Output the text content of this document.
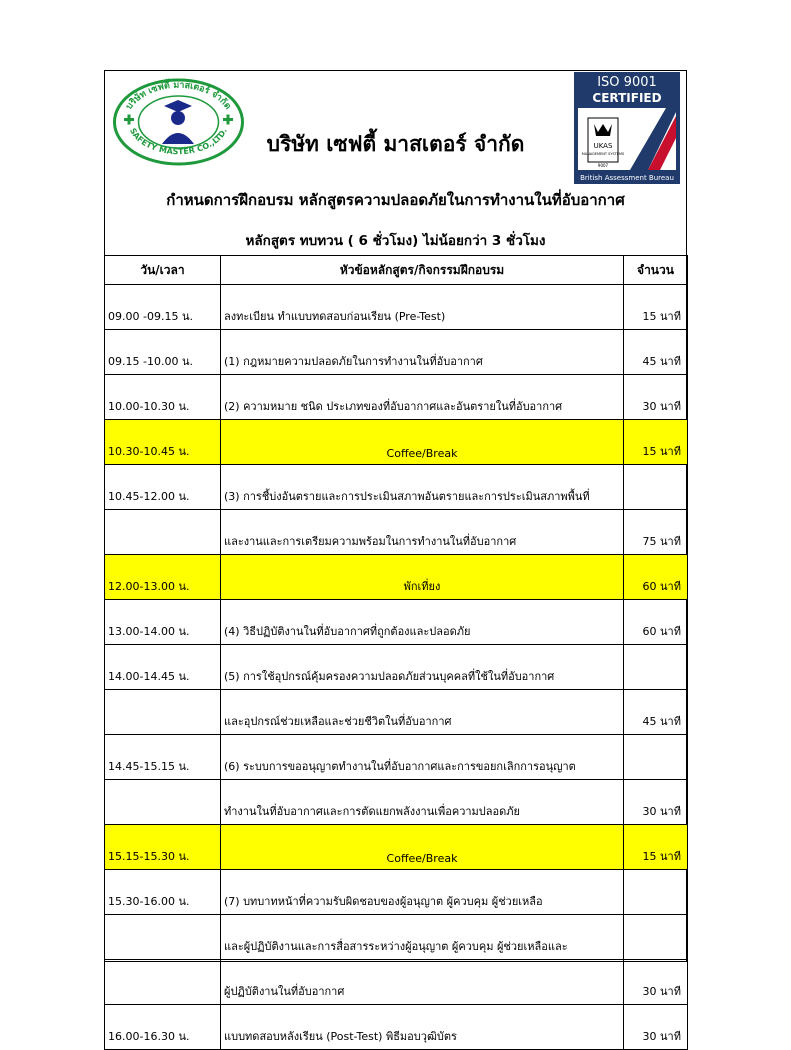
บริษัท เซฟตี้ มาสเตอร์ จำกัด
SAFETY MASTER CO.,LTD.
ISO 9001
CERTIFIED
UKAS
MANAGEMENT SYSTEMS
9007
British Assessment Bureau
บริษัท เซฟตี้ มาสเตอร์ จำกัด
กำหนดการฝึกอบรม หลักสูตรความปลอดภัยในการทำงานในที่อับอากาศ
หลักสูตร ทบทวน ( 6 ชั่วโมง) ไม่น้อยกว่า 3 ชั่วโมง
วัน/เวลา	หัวข้อหลักสูตร/กิจกรรมฝึกอบรม	จำนวน
09.00 -09.15 น.	ลงทะเบียน ทำแบบทดสอบก่อนเรียน (Pre-Test)	15 นาที
09.15 -10.00 น.	(1) กฎหมายความปลอดภัยในการทำงานในที่อับอากาศ	45 นาที
10.00-10.30 น.	(2) ความหมาย ชนิด ประเภทของที่อับอากาศและอันตรายในที่อับอากาศ	30 นาที
10.30-10.45 น.	Coffee/Break	15 นาที
10.45-12.00 น.	(3) การชี้บ่งอันตรายและการประเมินสภาพอันตรายและการประเมินสภาพพื้นที่	
	และงานและการเตรียมความพร้อมในการทำงานในที่อับอากาศ	75 นาที
12.00-13.00 น.	พักเที่ยง	60 นาที
13.00-14.00 น.	(4) วิธีปฏิบัติงานในที่อับอากาศที่ถูกต้องและปลอดภัย	60 นาที
14.00-14.45 น.	(5) การใช้อุปกรณ์คุ้มครองความปลอดภัยส่วนบุคคลที่ใช้ในที่อับอากาศ	
	และอุปกรณ์ช่วยเหลือและช่วยชีวิตในที่อับอากาศ	45 นาที
14.45-15.15 น.	(6) ระบบการขออนุญาตทำงานในที่อับอากาศและการขอยกเลิกการอนุญาต	
	ทำงานในที่อับอากาศและการตัดแยกพลังงานเพื่อความปลอดภัย	30 นาที
15.15-15.30 น.	Coffee/Break	15 นาที
15.30-16.00 น.	(7) บทบาทหน้าที่ความรับผิดชอบของผู้อนุญาต ผู้ควบคุม ผู้ช่วยเหลือ	
	และผู้ปฏิบัติงานและการสื่อสารระหว่างผู้อนุญาต ผู้ควบคุม ผู้ช่วยเหลือและ	
	ผู้ปฏิบัติงานในที่อับอากาศ	30 นาที
16.00-16.30 น.	แบบทดสอบหลังเรียน (Post-Test) พิธีมอบวุฒิบัตร	30 นาที
